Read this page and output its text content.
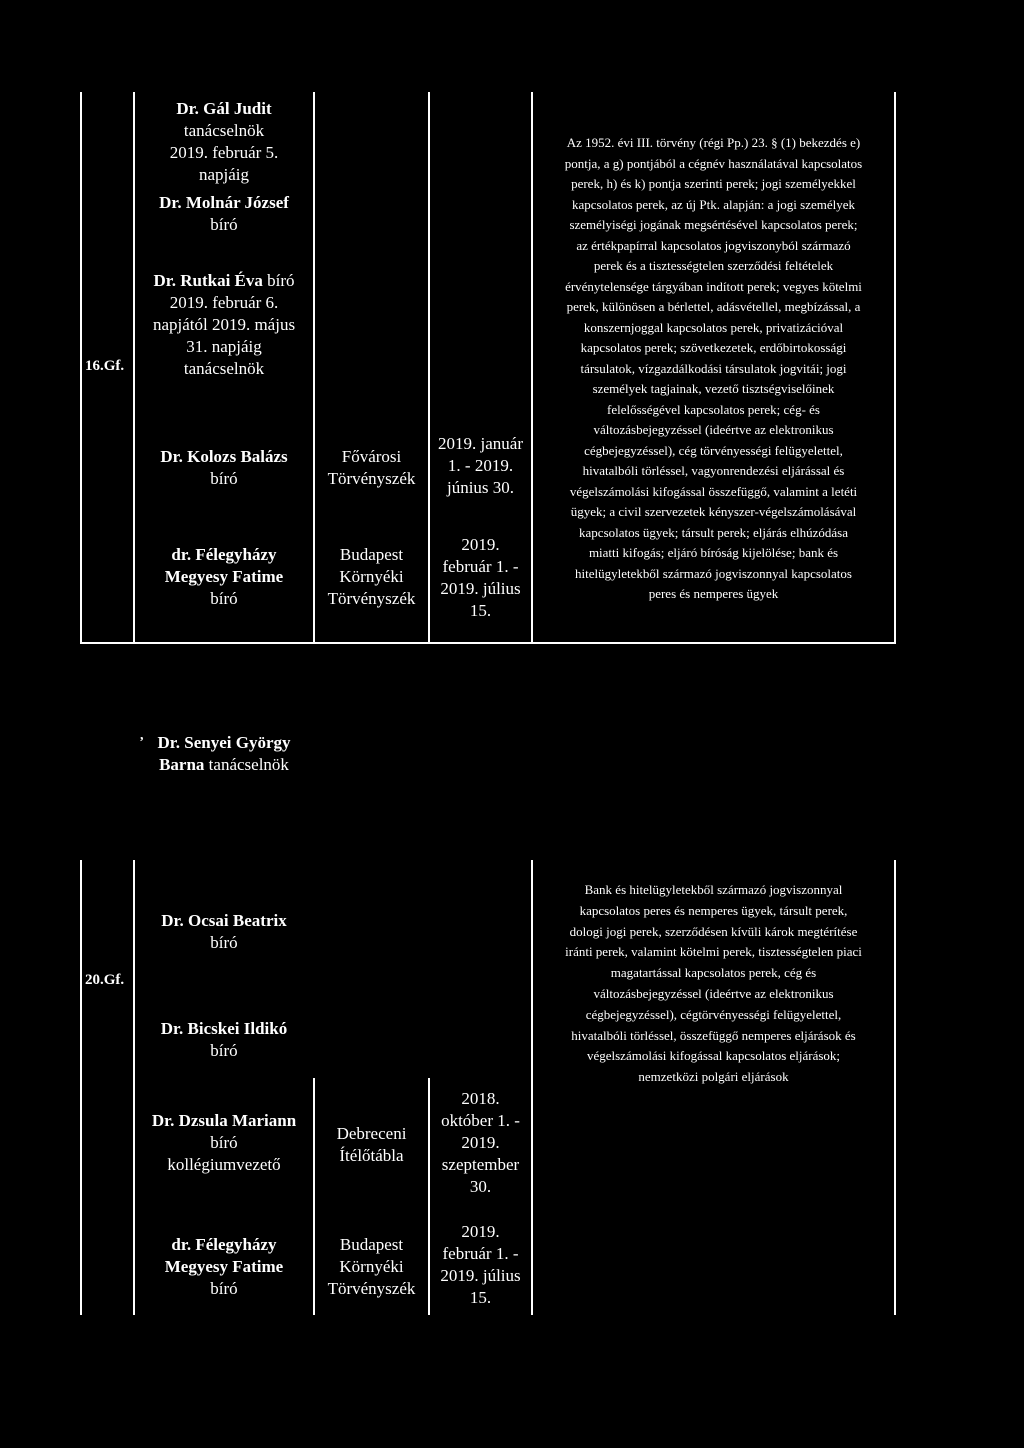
16.Gf.
Dr. Gál Judit
tanácselnök
2019. február 5.
napjáig
Dr. Molnár József
bíró
Dr. Rutkai Éva bíró
2019. február 6.
napjától 2019. május
31. napjáig
tanácselnök
Dr. Kolozs Balázs
bíró
dr. Félegyházy
Megyesy Fatime
bíró
Fővárosi
Törvényszék
Budapest
Környéki
Törvényszék
2019. január
1. - 2019.
június 30.
2019.
február 1. -
2019. július
15.
Az 1952. évi III. törvény (régi Pp.) 23. § (1) bekezdés e)
pontja, a g) pontjából a cégnév használatával kapcsolatos
perek, h) és k) pontja szerinti perek; jogi személyekkel
kapcsolatos perek, az új Ptk. alapján: a jogi személyek
személyiségi jogának megsértésével kapcsolatos perek;
az értékpapírral kapcsolatos jogviszonyból származó
perek és a tisztességtelen szerződési feltételek
érvénytelensége tárgyában indított perek; vegyes kötelmi
perek, különösen a bérlettel, adásvétellel, megbízással, a
konszernjoggal kapcsolatos perek, privatizációval
kapcsolatos perek; szövetkezetek, erdőbirtokossági
társulatok, vízgazdálkodási társulatok jogvitái; jogi
személyek tagjainak, vezető tisztségviselőinek
felelősségével kapcsolatos perek; cég- és
változásbejegyzéssel (ideértve az elektronikus
cégbejegyzéssel), cég törvényességi felügyelettel,
hivatalbóli törléssel, vagyonrendezési eljárással és
végelszámolási kifogással összefüggő, valamint a letéti
ügyek; a civil szervezetek kényszer-végelszámolásával
kapcsolatos ügyek; társult perek; eljárás elhúzódása
miatti kifogás; eljáró bíróság kijelölése; bank és
hitelügyletekből származó jogviszonnyal kapcsolatos
peres és nemperes ügyek
, Dr. Senyei György
Barna tanácselnök
20.Gf.
Dr. Ocsai Beatrix
bíró
Dr. Bicskei Ildikó
bíró
Dr. Dzsula Mariann
bíró
kollégiumvezető
dr. Félegyházy
Megyesy Fatime
bíró
Debreceni
Ítélőtábla
Budapest
Környéki
Törvényszék
2018.
október 1. -
2019.
szeptember
30.
2019.
február 1. -
2019. július
15.
Bank és hitelügyletekből származó jogviszonnyal
kapcsolatos peres és nemperes ügyek, társult perek,
dologi jogi perek, szerződésen kívüli károk megtérítése
iránti perek, valamint kötelmi perek, tisztességtelen piaci
magatartással kapcsolatos perek, cég és
változásbejegyzéssel (ideértve az elektronikus
cégbejegyzéssel), cégtörvényességi felügyelettel,
hivatalbóli törléssel, összefüggő nemperes eljárások és
végelszámolási kifogással kapcsolatos eljárások;
nemzetközi polgári eljárások
